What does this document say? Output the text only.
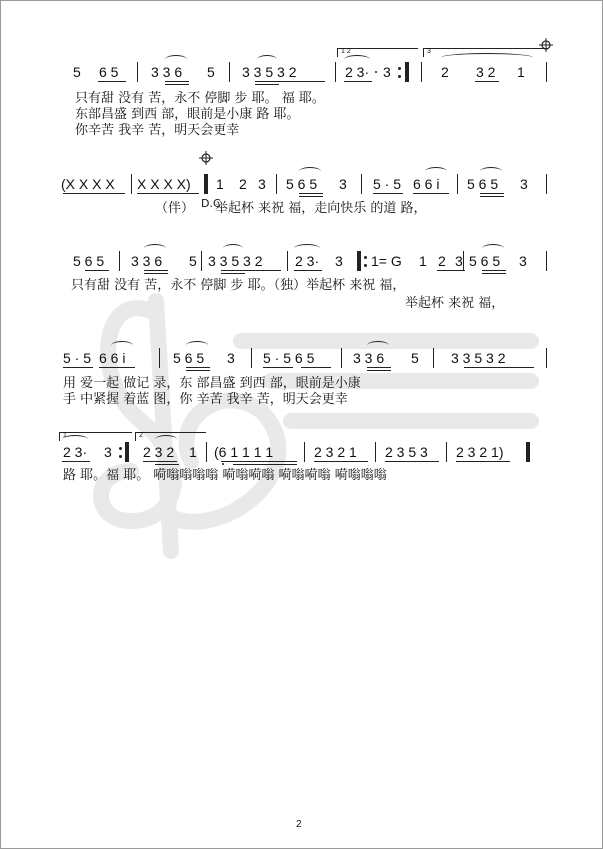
5 6 5 3 3 6 5 3 3 5 3 2	2 3· 3	2 3 2 1
1 2	3
只有甜 没有 苦，永不 停脚 步 耶。 福 耶。
东部昌盛 到西 部，眼前是小康 路 耶。
你辛苦 我辛 苦，明天会更幸
(X X X X X X X X) 1 2 3 5 6 5 3 5 · 5 6 6 i 5 6 5 3
（伴） D.C
举起杯 来祝 福，走向快乐 的道 路，
5 6 5 3 3 6 5 3 3 5 3 2 2 3· 3 1= G 1 2 3 5 6 5 3
只有甜 没有 苦，永不 停脚 步 耶。（独）举起杯 来祝 福，
举起杯 来祝 福，
5 · 5 6 6 i	5 6 5 3 5 · 5 6 5	3 3 6 5 3 3 5 3 2
用 爱一起 做记 录，东 部昌盛 到西 部，眼前是小康
手 中紧握 着蓝 图，你 辛苦 我辛 苦，明天会更幸
1	2
2 3· 3 2 3 2 1 (6 1 1 1 1	2 3 2 1 2 3 5 3 2 3 2 1)
路 耶。福 耶。 嗬嗡嗡嗡嗡 嗬嗡嗬嗡 嗬嗡嗬嗡 嗬嗡嗡嗡
2
